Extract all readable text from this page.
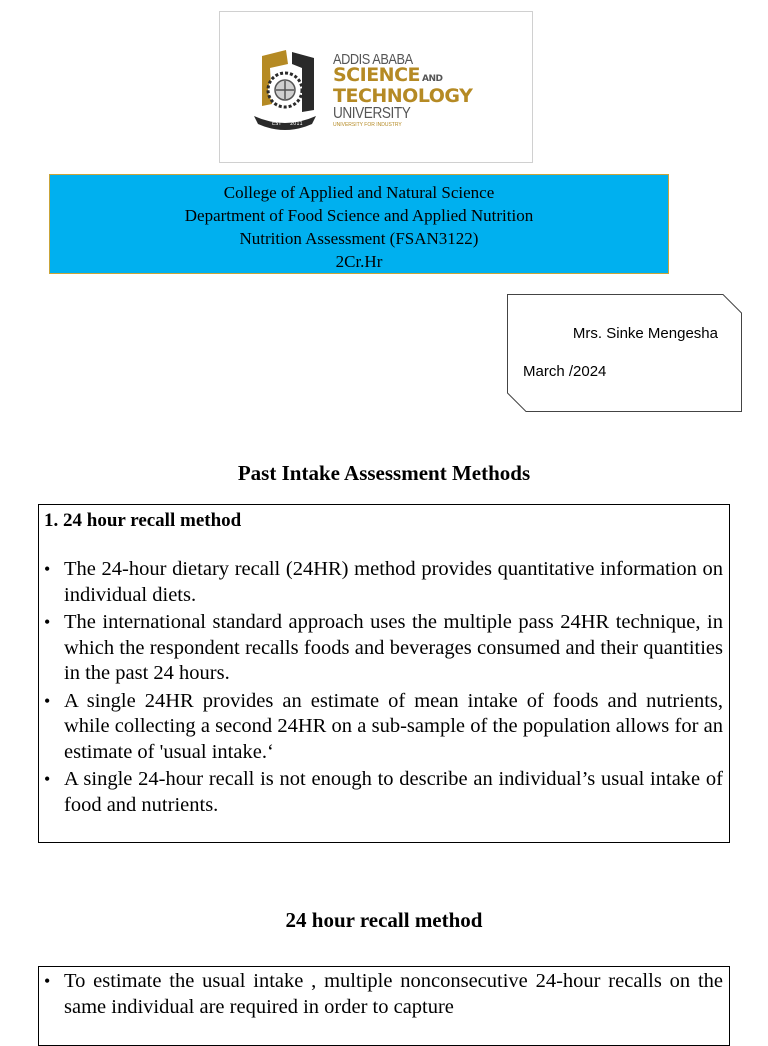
EST 2011
ADDIS ABABA
SCIENCE AND
TECHNOLOGY
UNIVERSITY
UNIVERSITY FOR INDUSTRY
College of Applied and Natural Science
Department of Food Science and Applied Nutrition
Nutrition Assessment (FSAN3122)
2Cr.Hr
Mrs. Sinke Mengesha
March /2024
Past Intake Assessment Methods
1. 24 hour recall method
• The 24-hour dietary recall (24HR) method provides quantitative information on individual diets.
• The international standard approach uses the multiple pass 24HR technique, in which the respondent recalls foods and beverages consumed and their quantities in the past 24 hours.
• A single 24HR provides an estimate of mean intake of foods and nutrients, while collecting a second 24HR on a sub-sample of the population allows for an estimate of 'usual intake.‘
• A single 24-hour recall is not enough to describe an individual’s usual intake of food and nutrients.
24 hour recall method
• To estimate the usual intake , multiple nonconsecutive 24-hour recalls on the same individual are required in order to capture
